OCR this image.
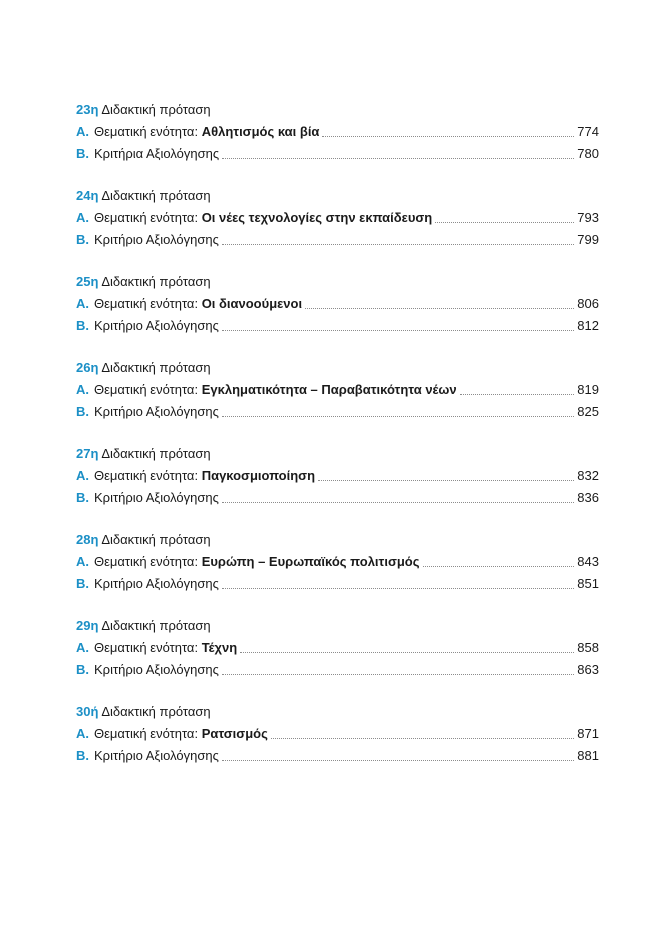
23η Διδακτική πρόταση
Α. Θεματική ενότητα: Αθλητισμός και βία	774
Β. Κριτήρια Αξιολόγησης	780
24η Διδακτική πρόταση
Α. Θεματική ενότητα: Οι νέες τεχνολογίες στην εκπαίδευση	793
Β. Κριτήριο Αξιολόγησης	799
25η Διδακτική πρόταση
Α. Θεματική ενότητα: Οι διανοούμενοι	806
Β. Κριτήριο Αξιολόγησης	812
26η Διδακτική πρόταση
Α. Θεματική ενότητα: Εγκληματικότητα – Παραβατικότητα νέων	819
Β. Κριτήριο Αξιολόγησης	825
27η Διδακτική πρόταση
Α. Θεματική ενότητα: Παγκοσμιοποίηση	832
Β. Κριτήριο Αξιολόγησης	836
28η Διδακτική πρόταση
Α. Θεματική ενότητα: Ευρώπη – Ευρωπαϊκός πολιτισμός	843
Β. Κριτήριο Αξιολόγησης	851
29η Διδακτική πρόταση
Α. Θεματική ενότητα: Τέχνη	858
Β. Κριτήριο Αξιολόγησης	863
30ή Διδακτική πρόταση
Α. Θεματική ενότητα: Ρατσισμός	871
Β. Κριτήριο Αξιολόγησης	881
